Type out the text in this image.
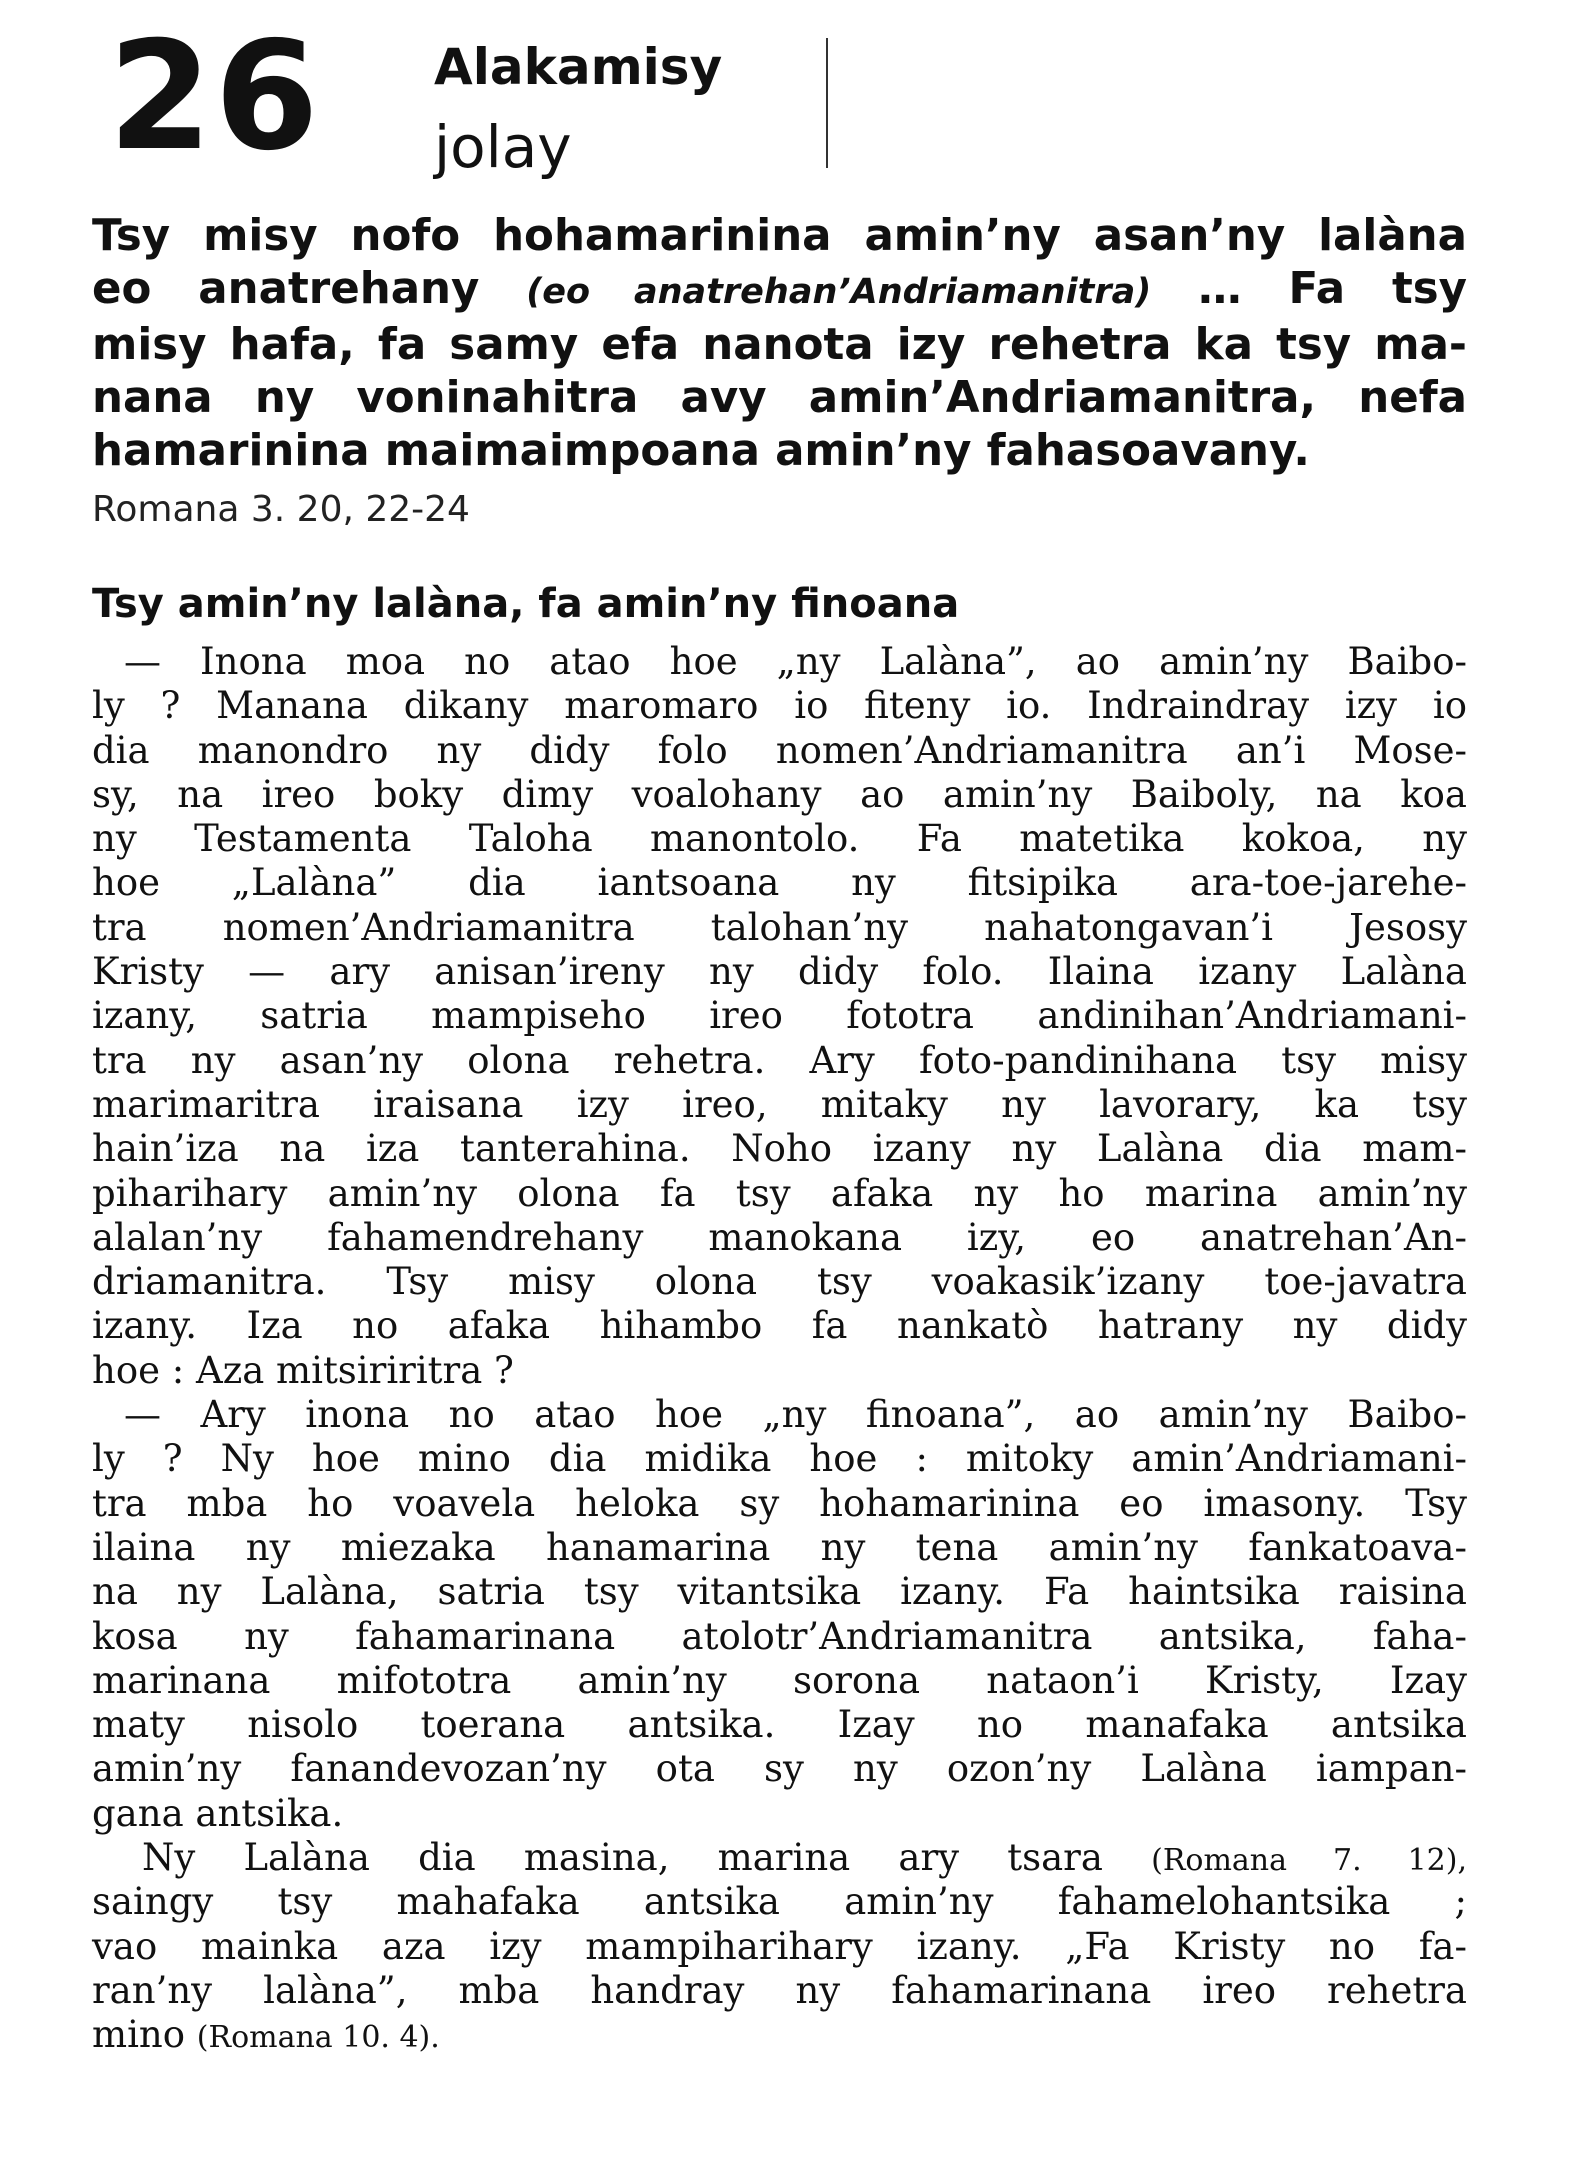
26 Alakamisy
jolay
Tsy misy nofo hohamarinina amin’ny asan’ny lalàna
eo anatrehany (eo anatrehan’Andriamanitra) … Fa tsy
misy hafa, fa samy efa nanota izy rehetra ka tsy ma-
nana ny voninahitra avy amin’Andriamanitra, nefa
hamarinina maimaimpoana amin’ny fahasoavany.
Romana 3. 20, 22-24
Tsy amin’ny lalàna, fa amin’ny finoana
— Inona moa no atao hoe „ny Lalàna”, ao amin’ny Baibo-
ly ? Manana dikany maromaro io fiteny io. Indraindray izy io
dia manondro ny didy folo nomen’Andriamanitra an’i Mose-
sy, na ireo boky dimy voalohany ao amin’ny Baiboly, na koa
ny Testamenta Taloha manontolo. Fa matetika kokoa, ny
hoe „Lalàna” dia iantsoana ny fitsipika ara-toe-jarehe-
tra nomen’Andriamanitra talohan’ny nahatongavan’i Jesosy
Kristy — ary anisan’ireny ny didy folo. Ilaina izany Lalàna
izany, satria mampiseho ireo fototra andinihan’Andriamani-
tra ny asan’ny olona rehetra. Ary foto-pandinihana tsy misy
marimaritra iraisana izy ireo, mitaky ny lavorary, ka tsy
hain’iza na iza tanterahina. Noho izany ny Lalàna dia mam-
piharihary amin’ny olona fa tsy afaka ny ho marina amin’ny
alalan’ny fahamendrehany manokana izy, eo anatrehan’An-
driamanitra. Tsy misy olona tsy voakasik’izany toe-javatra
izany. Iza no afaka hihambo fa nankatò hatrany ny didy
hoe : Aza mitsiriritra ?
— Ary inona no atao hoe „ny finoana”, ao amin’ny Baibo-
ly ? Ny hoe mino dia midika hoe : mitoky amin’Andriamani-
tra mba ho voavela heloka sy hohamarinina eo imasony. Tsy
ilaina ny miezaka hanamarina ny tena amin’ny fankatoava-
na ny Lalàna, satria tsy vitantsika izany. Fa haintsika raisina
kosa ny fahamarinana atolotr’Andriamanitra antsika, faha-
marinana mifototra amin’ny sorona nataon’i Kristy, Izay
maty nisolo toerana antsika. Izay no manafaka antsika
amin’ny fanandevozan’ny ota sy ny ozon’ny Lalàna iampan-
gana antsika.
Ny Lalàna dia masina, marina ary tsara (Romana 7. 12),
saingy tsy mahafaka antsika amin’ny fahamelohantsika ;
vao mainka aza izy mampiharihary izany. „Fa Kristy no fa-
ran’ny lalàna”, mba handray ny fahamarinana ireo rehetra
mino (Romana 10. 4).
